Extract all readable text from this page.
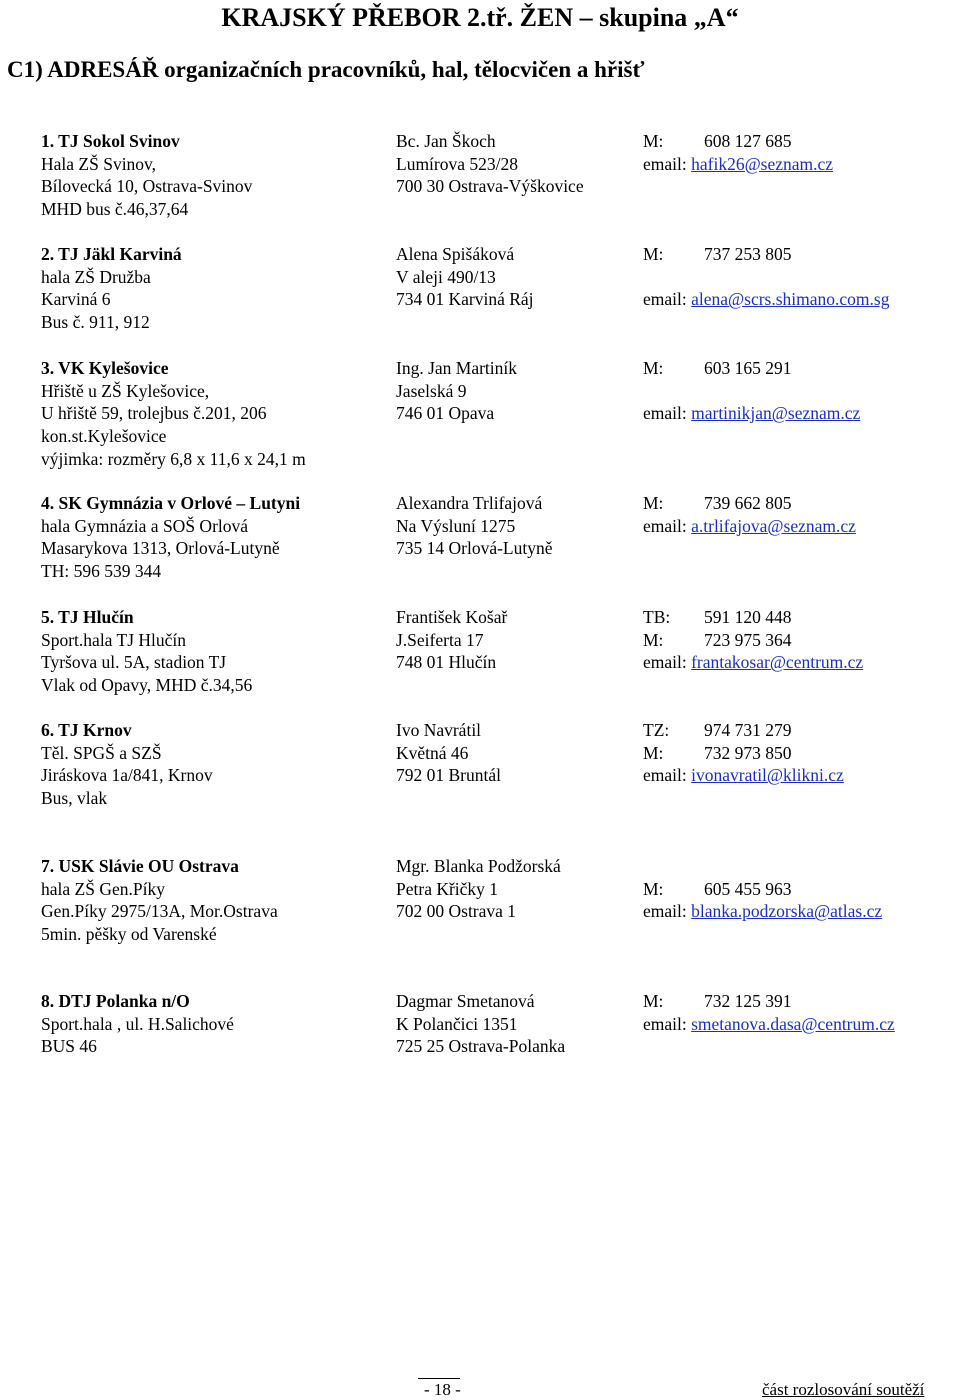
KRAJSKÝ PŘEBOR 2.tř. ŽEN – skupina „A“
C1) ADRESÁŘ organizačních pracovníků, hal, tělocvičen a hřišť
1. TJ Sokol Svinov
Hala ZŠ Svinov,
Bílovecká 10, Ostrava-Svinov
MHD bus č.46,37,64
Bc. Jan Škoch
Lumírova 523/28
700 30 Ostrava-Výškovice
M: 608 127 685
email: hafik26@seznam.cz
2. TJ Jäkl Karviná
hala ZŠ Družba
Karviná 6
Bus č. 911, 912
Alena Spišáková
V aleji 490/13
734 01 Karviná Ráj
M: 737 253 805
email: alena@scrs.shimano.com.sg
3. VK Kylešovice
Hřiště u ZŠ Kylešovice,
U hřiště 59, trolejbus č.201, 206
kon.st.Kylešovice
výjimka: rozměry 6,8 x 11,6 x 24,1 m
Ing. Jan Martiník
Jaselská 9
746 01 Opava
M: 603 165 291
email: martinikjan@seznam.cz
4. SK Gymnázia v Orlové – Lutyni
hala Gymnázia a SOŠ Orlová
Masarykova 1313, Orlová-Lutyně
TH: 596 539 344
Alexandra Trlifajová
Na Výsluní 1275
735 14 Orlová-Lutyně
M: 739 662 805
email: a.trlifajova@seznam.cz
5. TJ Hlučín
Sport.hala TJ Hlučín
Tyršova ul. 5A, stadion TJ
Vlak od Opavy, MHD č.34,56
František Košař
J.Seiferta 17
748 01 Hlučín
TB: 591 120 448
M: 723 975 364
email: frantakosar@centrum.cz
6. TJ Krnov
Těl. SPGŠ a SZŠ
Jiráskova 1a/841, Krnov
Bus, vlak
Ivo Navrátil
Květná 46
792 01 Bruntál
TZ: 974 731 279
M: 732 973 850
email: ivonavratil@klikni.cz
7. USK Slávie OU Ostrava
hala ZŠ Gen.Píky
Gen.Píky 2975/13A, Mor.Ostrava
5min. pěšky od Varenské
Mgr. Blanka Podžorská
Petra Křičky 1
702 00 Ostrava 1
M: 605 455 963
email: blanka.podzorska@atlas.cz
8. DTJ Polanka n/O
Sport.hala , ul. H.Salichové
BUS 46
Dagmar Smetanová
K Polančici 1351
725 25 Ostrava-Polanka
M: 732 125 391
email: smetanova.dasa@centrum.cz
- 18 -	část rozlosování soutěží
